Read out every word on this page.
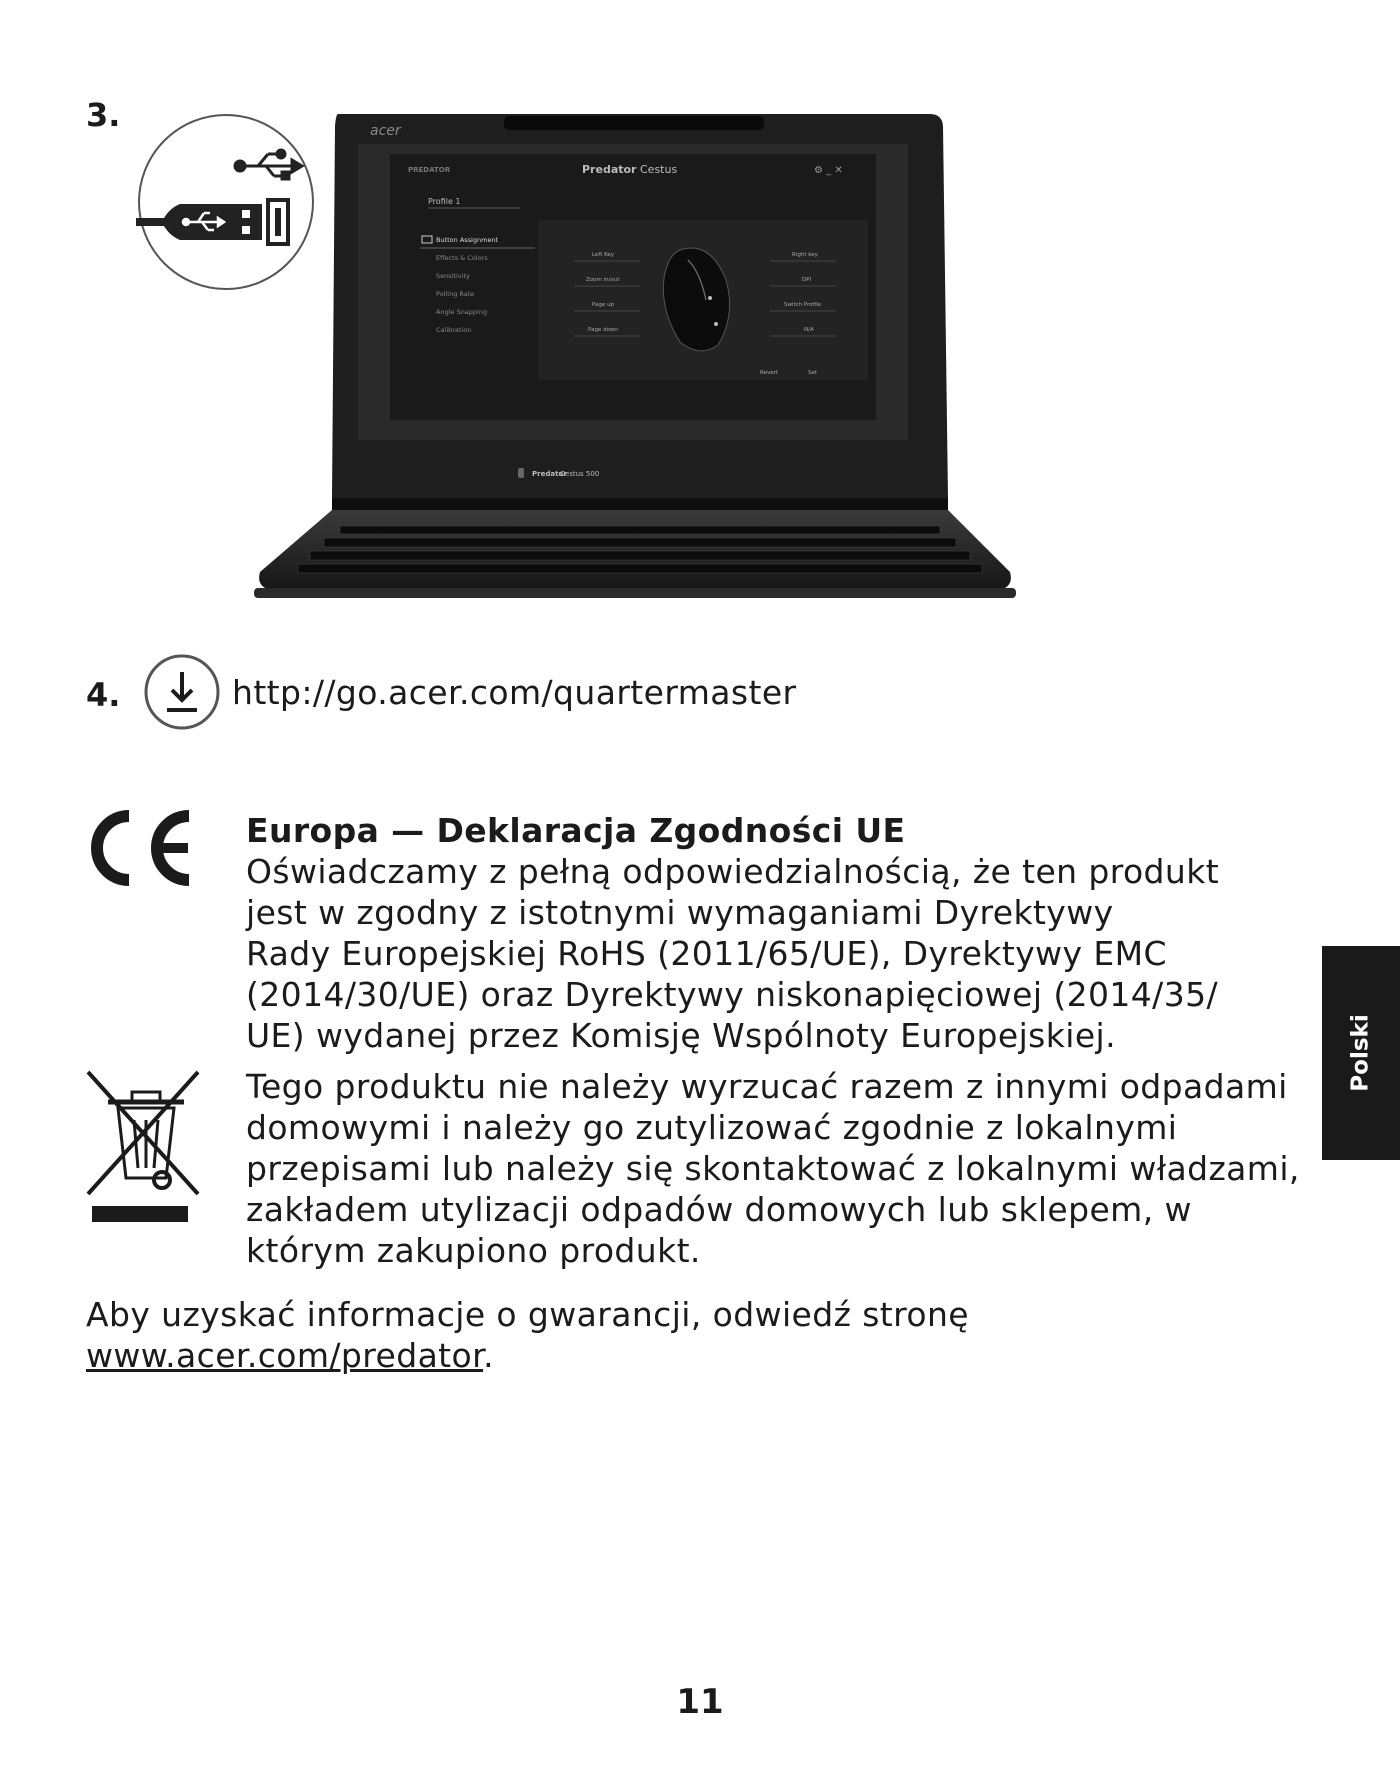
3.	acer
PREDATOR	Predator Cestus	⚙ _ ✕
Profile 1
Button Assignment
Effects & Colors
Sensitivity
Polling Rate
Angle Snapping
Calibration
Left Key
Zoom in/out
Page up
Page down
Right key
DPI
Switch Profile
N/A
Revert	Set
Predator
Cestus 500
4.	http://go.acer.com/quartermaster
Europa — Deklaracja Zgodności UE
Oświadczamy z pełną odpowiedzialnością, że ten produkt
jest w zgodny z istotnymi wymaganiami Dyrektywy
Rady Europejskiej RoHS (2011/65/UE), Dyrektywy EMC
(2014/30/UE) oraz Dyrektywy niskonapięciowej (2014/35/
UE) wydanej przez Komisję Wspólnoty Europejskiej.
Tego produktu nie należy wyrzucać razem z innymi odpadami
domowymi i należy go zutylizować zgodnie z lokalnymi
przepisami lub należy się skontaktować z lokalnymi władzami,
zakładem utylizacji odpadów domowych lub sklepem, w
którym zakupiono produkt.
Aby uzyskać informacje o gwarancji, odwiedź stronę
www.acer.com/predator.
Polski
11
